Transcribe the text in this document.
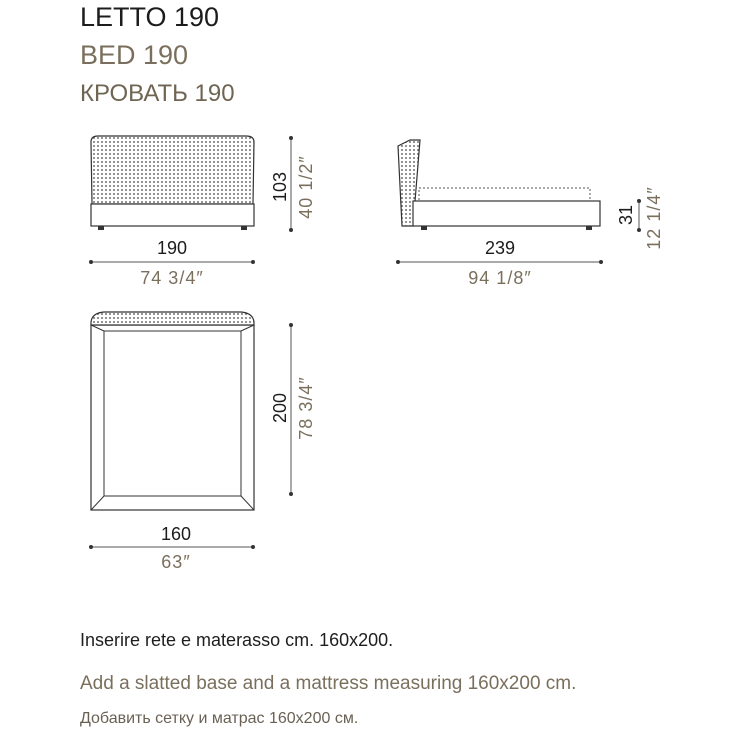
LETTO 190
BED 190
КРОВАТЬ 190
190
74 3/4″
103 40 1/2″
239
94 1/8″
31 12 1/4″
160
63″
200 78 3/4″

Inserire rete e materasso cm. 160x200.

Add a slatted base and a mattress measuring 160x200 cm.

Добавить сетку и матрас 160x200 см.
